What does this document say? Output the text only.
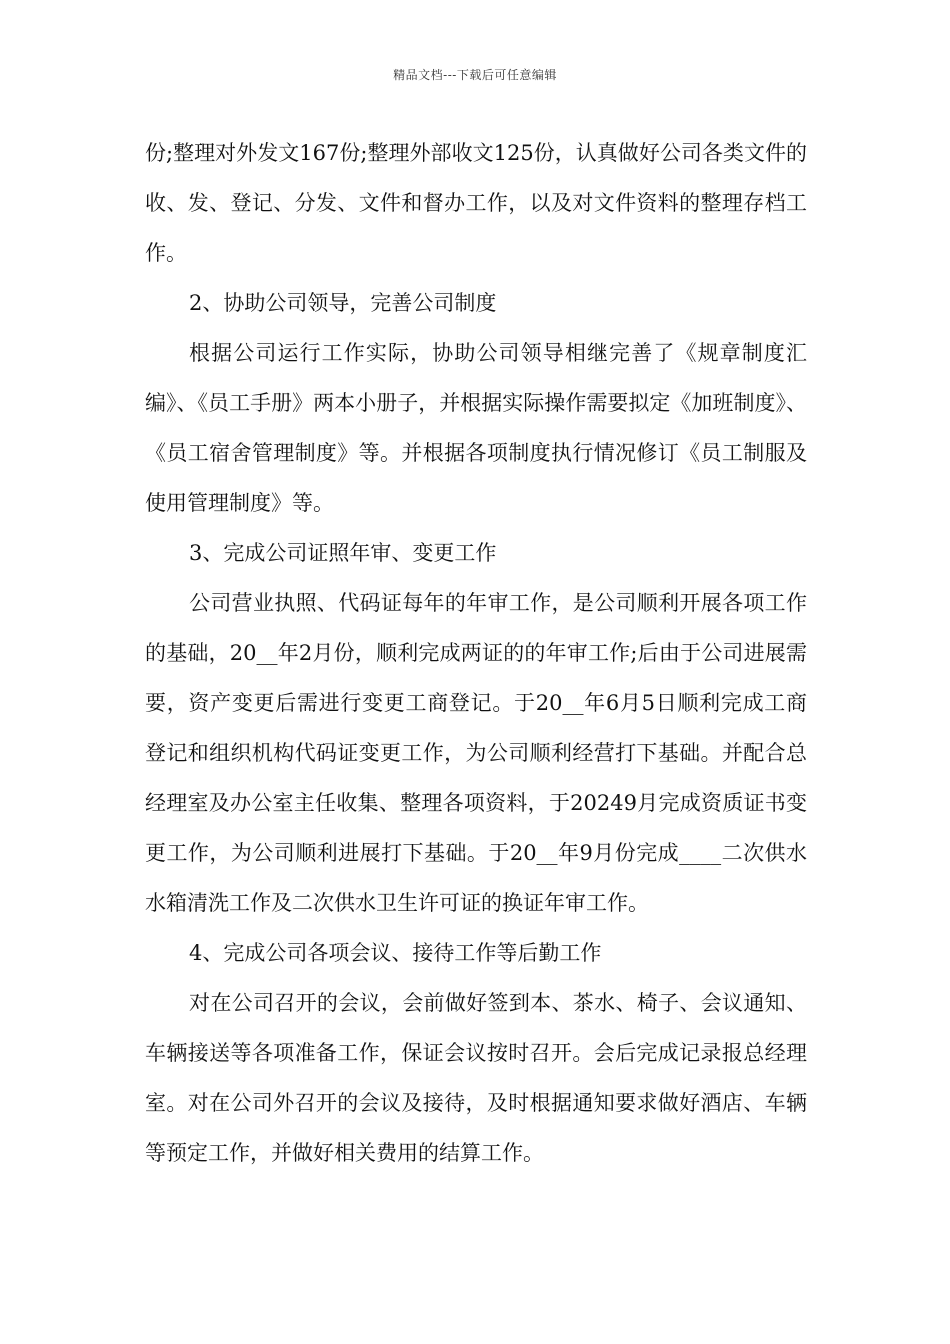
精品文档---下载后可任意编辑

份;整理对外发文167份;整理外部收文125份，认真做好公司各类文件的收、发、登记、分发、文件和督办工作，以及对文件资料的整理存档工作。

2、协助公司领导，完善公司制度

根据公司运行工作实际，协助公司领导相继完善了《规章制度汇编》、《员工手册》两本小册子，并根据实际操作需要拟定《加班制度》、《员工宿舍管理制度》等。并根据各项制度执行情况修订《员工制服及使用管理制度》等。

3、完成公司证照年审、变更工作

公司营业执照、代码证每年的年审工作，是公司顺利开展各项工作的基础，20__年2月份，顺利完成两证的的年审工作;后由于公司进展需要，资产变更后需进行变更工商登记。于20__年6月5日顺利完成工商登记和组织机构代码证变更工作，为公司顺利经营打下基础。并配合总经理室及办公室主任收集、整理各项资料，于20249月完成资质证书变更工作，为公司顺利进展打下基础。于20__年9月份完成____二次供水水箱清洗工作及二次供水卫生许可证的换证年审工作。

4、完成公司各项会议、接待工作等后勤工作

对在公司召开的会议，会前做好签到本、茶水、椅子、会议通知、车辆接送等各项准备工作，保证会议按时召开。会后完成记录报总经理室。对在公司外召开的会议及接待，及时根据通知要求做好酒店、车辆等预定工作，并做好相关费用的结算工作。
